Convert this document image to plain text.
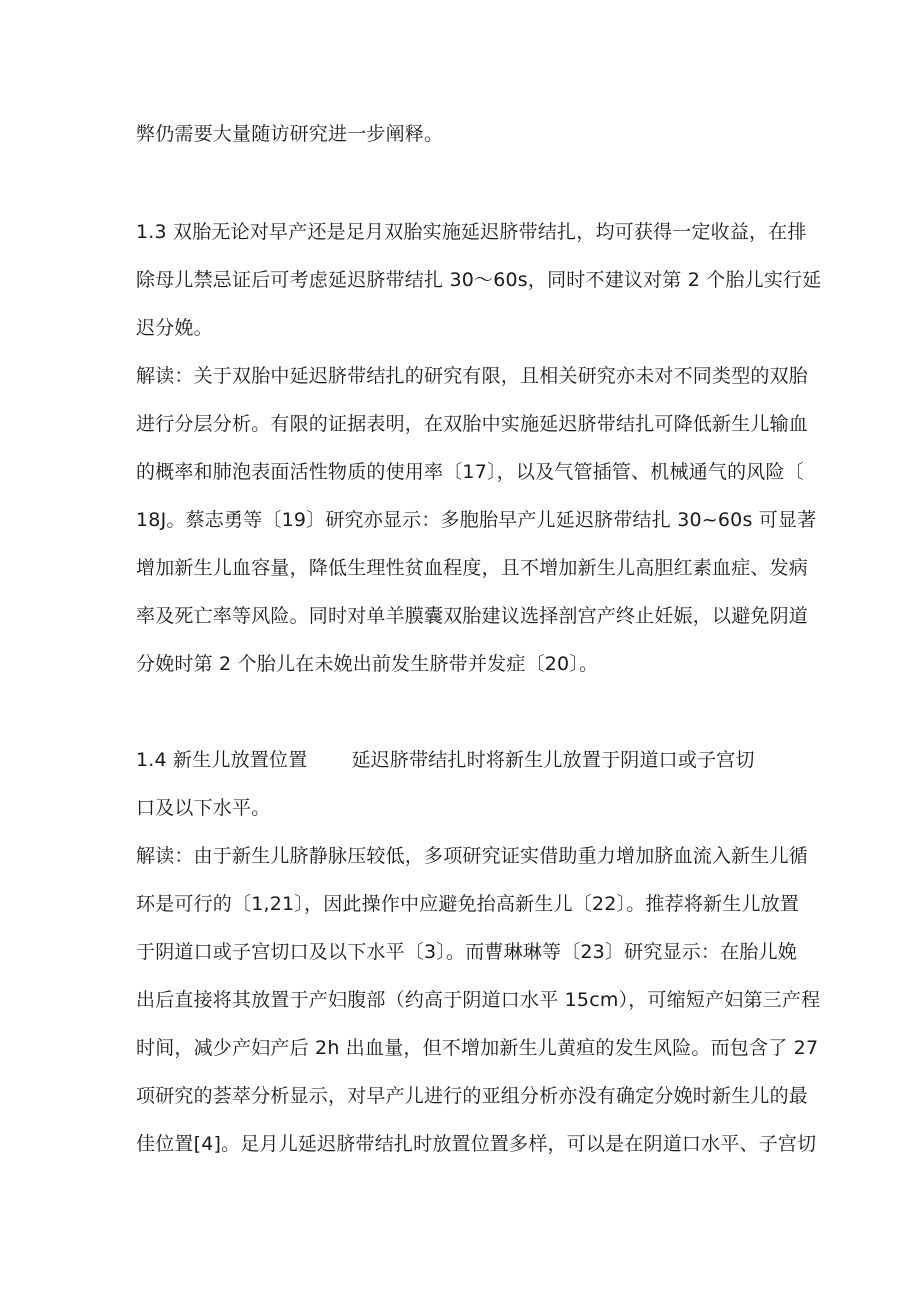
弊仍需要大量随访研究进一步阐释。
1.3 双胎无论对早产还是足月双胎实施延迟脐带结扎，均可获得一定收益，在排
除母儿禁忌证后可考虑延迟脐带结扎 30～60s，同时不建议对第 2 个胎儿实行延
迟分娩。
解读：关于双胎中延迟脐带结扎的研究有限，且相关研究亦未对不同类型的双胎
进行分层分析。有限的证据表明，在双胎中实施延迟脐带结扎可降低新生儿输血
的概率和肺泡表面活性物质的使用率〔17〕，以及气管插管、机械通气的风险〔
18J。蔡志勇等〔19〕研究亦显示：多胞胎早产儿延迟脐带结扎 30~60s 可显著
增加新生儿血容量，降低生理性贫血程度，且不增加新生儿高胆红素血症、发病
率及死亡率等风险。同时对单羊膜囊双胎建议选择剖宫产终止妊娠，以避免阴道
分娩时第 2 个胎儿在未娩出前发生脐带并发症〔20〕。
1.4 新生儿放置位置 延迟脐带结扎时将新生儿放置于阴道口或子宫切
口及以下水平。
解读：由于新生儿脐静脉压较低，多项研究证实借助重力增加脐血流入新生儿循
环是可行的〔1,21〕，因此操作中应避免抬高新生儿〔22〕。推荐将新生儿放置
于阴道口或子宫切口及以下水平〔3〕。而曹琳琳等〔23〕研究显示：在胎儿娩
出后直接将其放置于产妇腹部（约高于阴道口水平 15cm），可缩短产妇第三产程
时间，减少产妇产后 2h 出血量，但不增加新生儿黄疸的发生风险。而包含了 27
项研究的荟萃分析显示，对早产儿进行的亚组分析亦没有确定分娩时新生儿的最
佳位置[4]。足月儿延迟脐带结扎时放置位置多样，可以是在阴道口水平、子宫切
